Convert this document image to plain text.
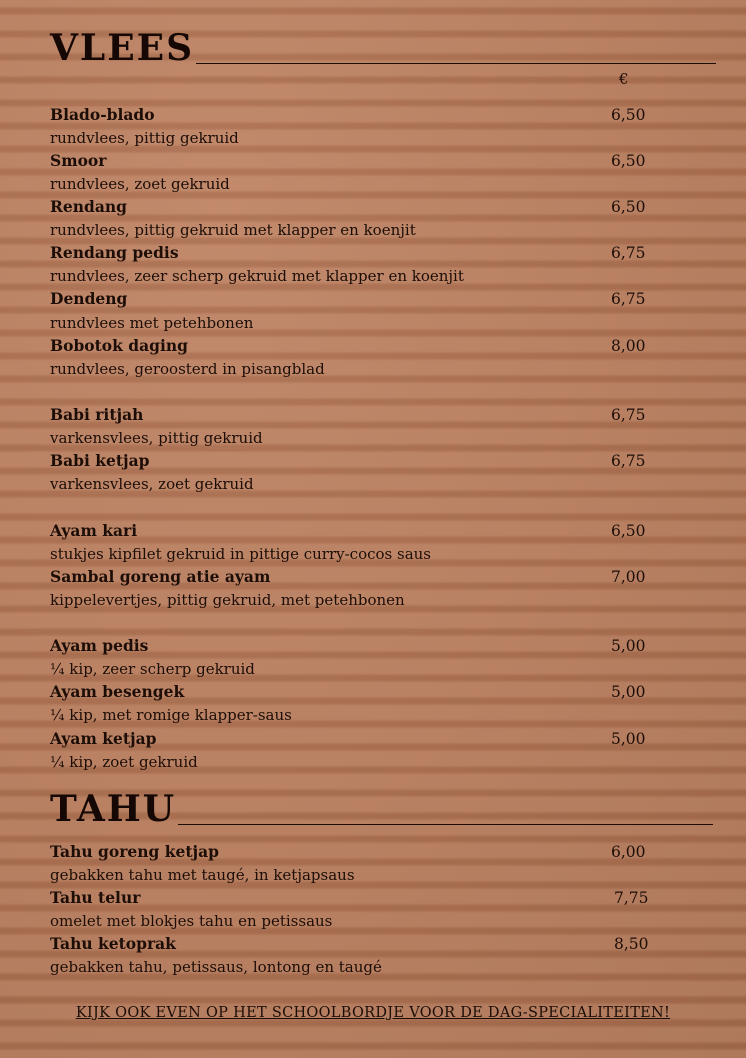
VLEES
€
Blado-blado	6,50
rundvlees, pittig gekruid
Smoor	6,50
rundvlees, zoet gekruid
Rendang	6,50
rundvlees, pittig gekruid met klapper en koenjit
Rendang pedis	6,75
rundvlees, zeer scherp gekruid met klapper en koenjit
Dendeng	6,75
rundvlees met petehbonen
Bobotok daging	8,00
rundvlees, geroosterd in pisangblad
Babi ritjah	6,75
varkensvlees, pittig gekruid
Babi ketjap	6,75
varkensvlees, zoet gekruid
Ayam kari	6,50
stukjes kipfilet gekruid in pittige curry-cocos saus
Sambal goreng atie ayam	7,00
kippelevertjes, pittig gekruid, met petehbonen
Ayam pedis	5,00
¼ kip, zeer scherp gekruid
Ayam besengek	5,00
¼ kip, met romige klapper-saus
Ayam ketjap	5,00
¼ kip, zoet gekruid
TAHU
Tahu goreng ketjap	6,00
gebakken tahu met taugé, in ketjapsaus
Tahu telur	7,75
omelet met blokjes tahu en petissaus
Tahu ketoprak	8,50
gebakken tahu, petissaus, lontong en taugé
KIJK OOK EVEN OP HET SCHOOLBORDJE VOOR DE DAG-SPECIALITEITEN!
